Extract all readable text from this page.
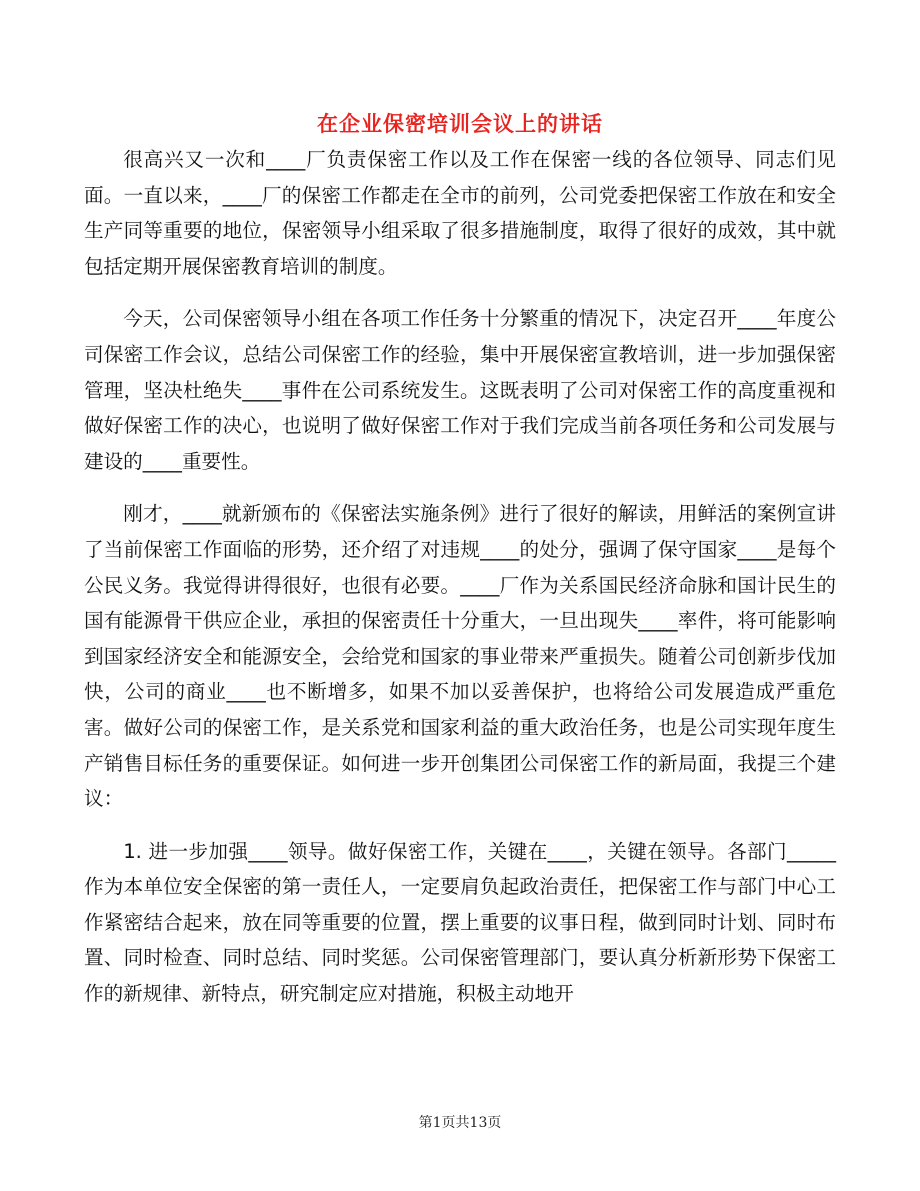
在企业保密培训会议上的讲话

很高兴又一次和____厂负责保密工作以及工作在保密一线的各位领导、同志们见面。一直以来，____厂的保密工作都走在全市的前列，公司党委把保密工作放在和安全生产同等重要的地位，保密领导小组采取了很多措施制度，取得了很好的成效，其中就包括定期开展保密教育培训的制度。

今天，公司保密领导小组在各项工作任务十分繁重的情况下，决定召开____年度公司保密工作会议，总结公司保密工作的经验，集中开展保密宣教培训，进一步加强保密管理，坚决杜绝失____事件在公司系统发生。这既表明了公司对保密工作的高度重视和做好保密工作的决心，也说明了做好保密工作对于我们完成当前各项任务和公司发展与建设的____重要性。

刚才，____就新颁布的《保密法实施条例》进行了很好的解读，用鲜活的案例宣讲了当前保密工作面临的形势，还介绍了对违规____的处分，强调了保守国家____是每个公民义务。我觉得讲得很好，也很有必要。____厂作为关系国民经济命脉和国计民生的国有能源骨干供应企业，承担的保密责任十分重大，一旦出现失____率件，将可能影响到国家经济安全和能源安全，会给党和国家的事业带来严重损失。随着公司创新步伐加快，公司的商业____也不断增多，如果不加以妥善保护，也将给公司发展造成严重危害。做好公司的保密工作，是关系党和国家利益的重大政治任务，也是公司实现年度生产销售目标任务的重要保证。如何进一步开创集团公司保密工作的新局面，我提三个建议：

1. 进一步加强____领导。做好保密工作，关键在____，关键在领导。各部门_____作为本单位安全保密的第一责任人，一定要肩负起政治责任，把保密工作与部门中心工作紧密结合起来，放在同等重要的位置，摆上重要的议事日程，做到同时计划、同时布置、同时检查、同时总结、同时奖惩。公司保密管理部门，要认真分析新形势下保密工作的新规律、新特点，研究制定应对措施，积极主动地开

第1页共13页
